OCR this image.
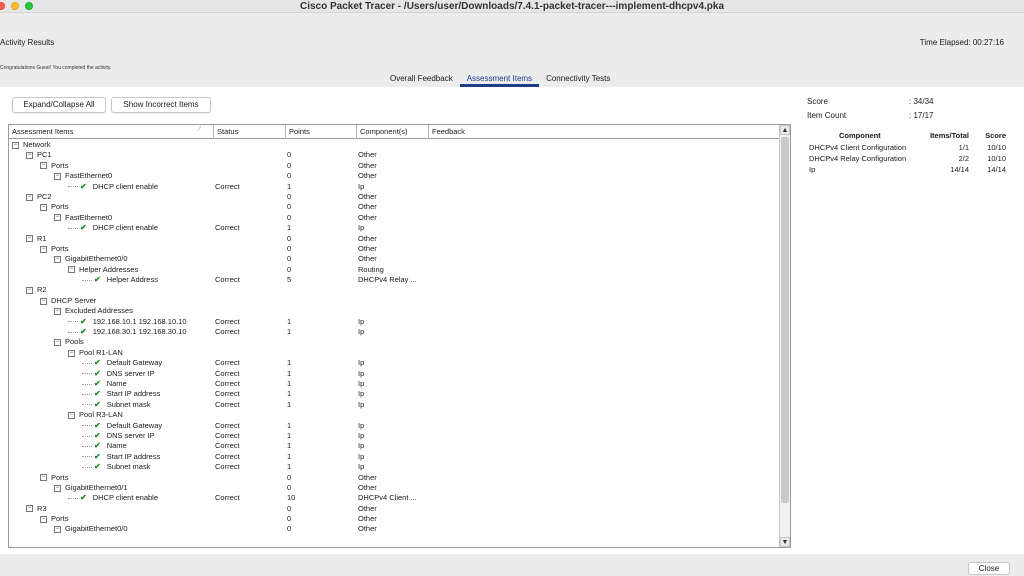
Cisco Packet Tracer - /Users/user/Downloads/7.4.1-packet-tracer---implement-dhcpv4.pka
Activity Results	Time Elapsed: 00:27:16
Congratulations Guest! You completed the activity.
Overall Feedback	Assessment Items	Connectivity Tests
Expand/Collapse All	Show Incorrect Items
Assessment Items	⁄	Status	Points	Component(s)	Feedback
− Network
− PC1	0	Other
− Ports	0	Other
− FastEthernet0	0	Other
✔ DHCP client enable	Correct	1	Ip
− PC2	0	Other
− Ports	0	Other
− FastEthernet0	0	Other
✔ DHCP client enable	Correct	1	Ip
− R1	0	Other
− Ports	0	Other
− GigabitEthernet0/0	0	Other
− Helper Addresses	0	Routing
✔ Helper Address	Correct	5	DHCPv4 Relay ...
− R2
− DHCP Server
− Excluded Addresses
✔ 192.168.10.1 192.168.10.10	Correct	1	Ip
✔ 192.168.30.1 192.168.30.10	Correct	1	Ip
− Pools
− Pool R1-LAN
✔ Default Gateway	Correct	1	Ip
✔ DNS server IP	Correct	1	Ip
✔ Name	Correct	1	Ip
✔ Start IP address	Correct	1	Ip
✔ Subnet mask	Correct	1	Ip
− Pool R3-LAN
✔ Default Gateway	Correct	1	Ip
✔ DNS server IP	Correct	1	Ip
✔ Name	Correct	1	Ip
✔ Start IP address	Correct	1	Ip
✔ Subnet mask	Correct	1	Ip
− Ports	0	Other
− GigabitEthernet0/1	0	Other
✔ DHCP client enable	Correct	10	DHCPv4 Client ...
− R3	0	Other
− Ports	0	Other
− GigabitEthernet0/0	0	Other
▲
▼
Score	: 34/34
Item Count	: 17/17
Component	Items/Total Score
DHCPv4 Client Configuration	1/1 10/10
DHCPv4 Relay Configuration	2/2 10/10
Ip	14/14 14/14
Close
